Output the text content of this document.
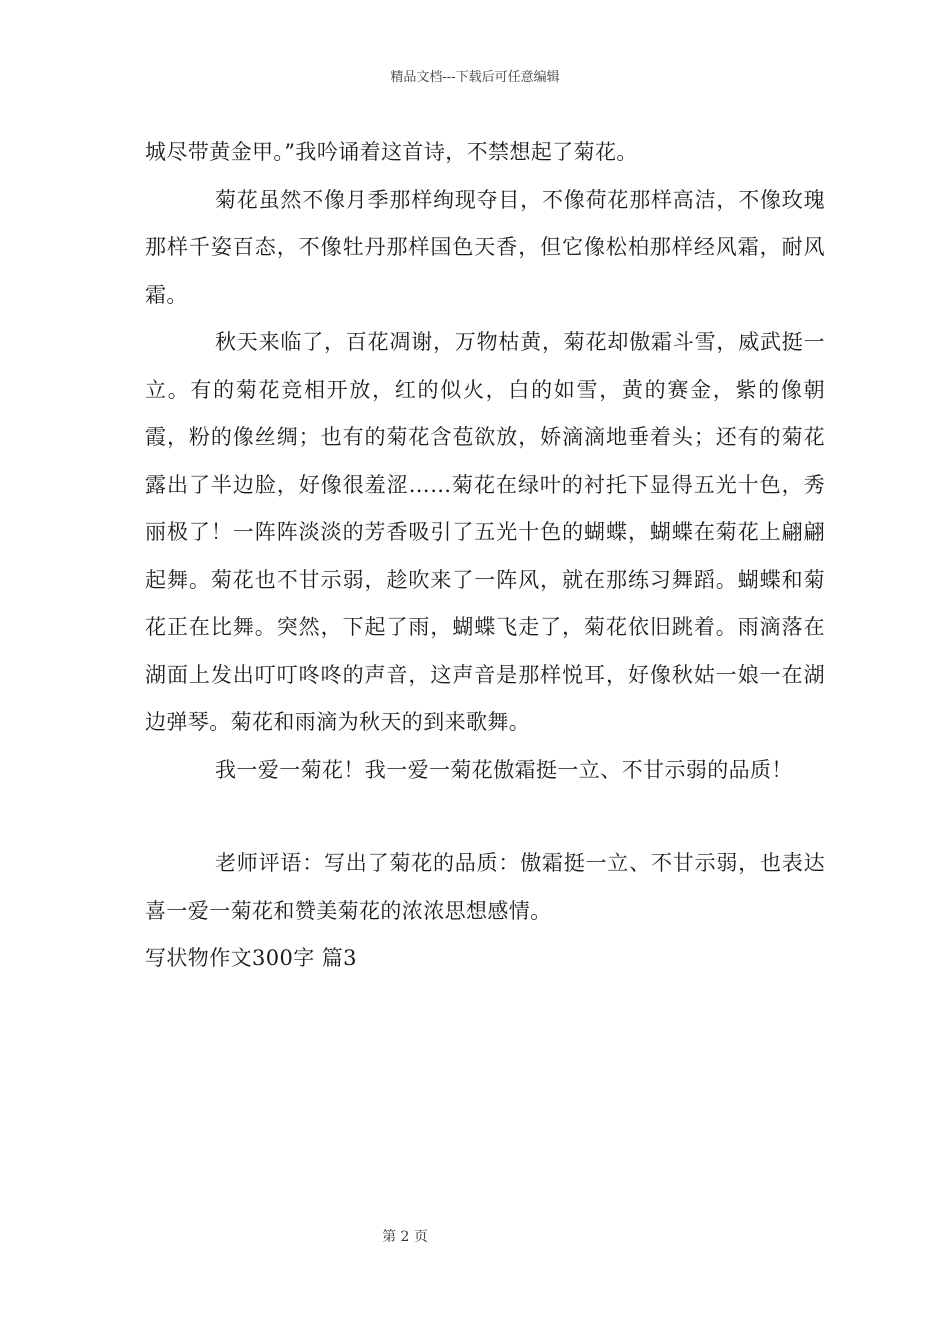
精品文档---下载后可任意编辑

城尽带黄金甲。”我吟诵着这首诗，不禁想起了菊花。

菊花虽然不像月季那样绚现夺目，不像荷花那样高洁，不像玫瑰那样千姿百态，不像牡丹那样国色天香，但它像松柏那样经风霜，耐风霜。

秋天来临了，百花凋谢，万物枯黄，菊花却傲霜斗雪，威武挺一立。有的菊花竞相开放，红的似火，白的如雪，黄的赛金，紫的像朝霞，粉的像丝绸；也有的菊花含苞欲放，娇滴滴地垂着头；还有的菊花露出了半边脸，好像很羞涩……菊花在绿叶的衬托下显得五光十色，秀丽极了！一阵阵淡淡的芳香吸引了五光十色的蝴蝶，蝴蝶在菊花上翩翩起舞。菊花也不甘示弱，趁吹来了一阵风，就在那练习舞蹈。蝴蝶和菊花正在比舞。突然，下起了雨，蝴蝶飞走了，菊花依旧跳着。雨滴落在湖面上发出叮叮咚咚的声音，这声音是那样悦耳，好像秋姑一娘一在湖边弹琴。菊花和雨滴为秋天的到来歌舞。

我一爱一菊花！我一爱一菊花傲霜挺一立、不甘示弱的品质！

老师评语：写出了菊花的品质：傲霜挺一立、不甘示弱，也表达喜一爱一菊花和赞美菊花的浓浓思想感情。

写状物作文300字 篇3

第 2 页
